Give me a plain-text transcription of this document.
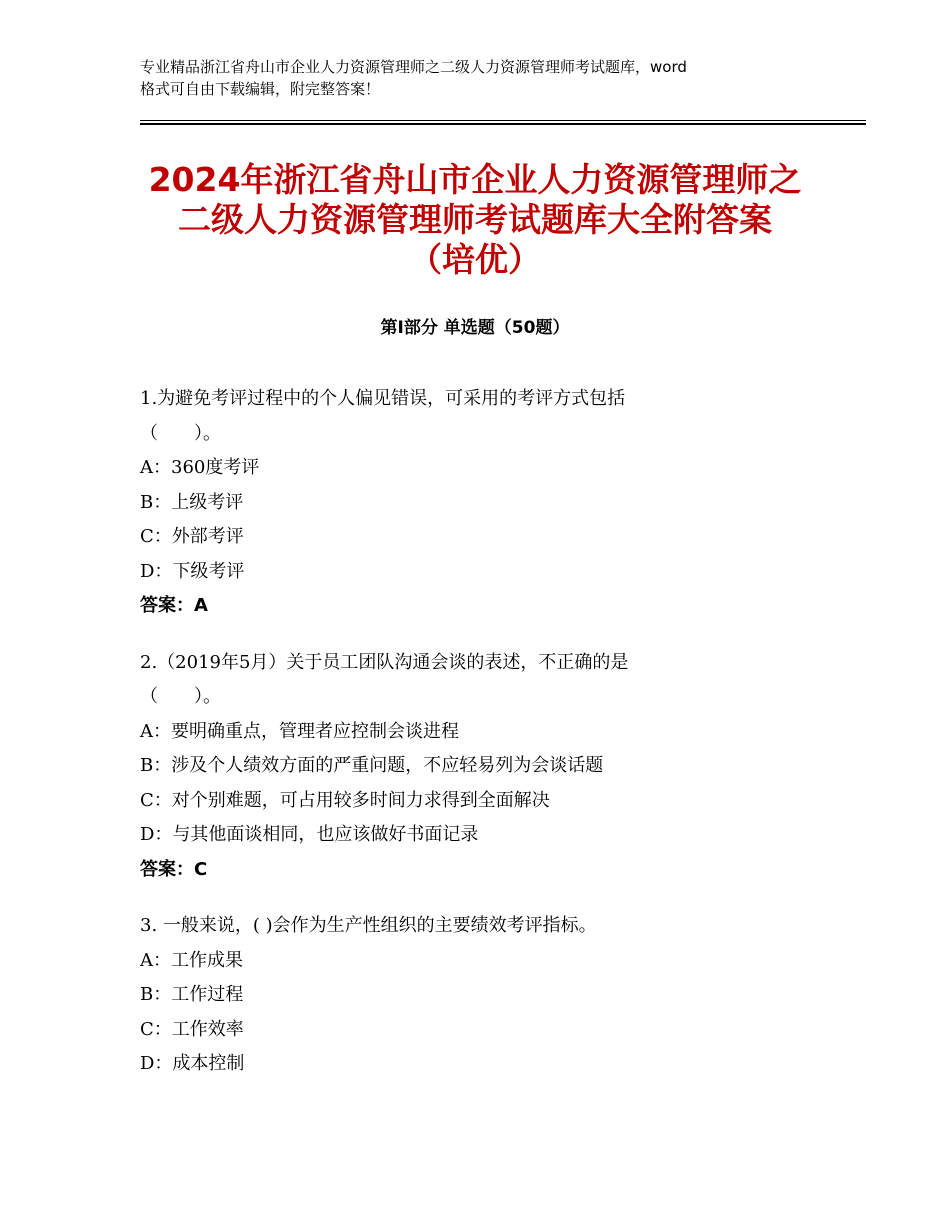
专业精品浙江省舟山市企业人力资源管理师之二级人力资源管理师考试题库，word
格式可自由下载编辑，附完整答案！
2024年浙江省舟山市企业人力资源管理师之
二级人力资源管理师考试题库大全附答案
（培优）
第Ⅰ部分 单选题（50题）
1.为避免考评过程中的个人偏见错误，可采用的考评方式包括
（　　）。
A：360度考评
B：上级考评
C：外部考评
D：下级考评
答案：A
2.（2019年5月）关于员工团队沟通会谈的表述，不正确的是
（　　）。
A：要明确重点，管理者应控制会谈进程
B：涉及个人绩效方面的严重问题，不应轻易列为会谈话题
C：对个别难题，可占用较多时间力求得到全面解决
D：与其他面谈相同，也应该做好书面记录
答案：C
3. 一般来说，( )会作为生产性组织的主要绩效考评指标。
A：工作成果
B：工作过程
C：工作效率
D：成本控制
